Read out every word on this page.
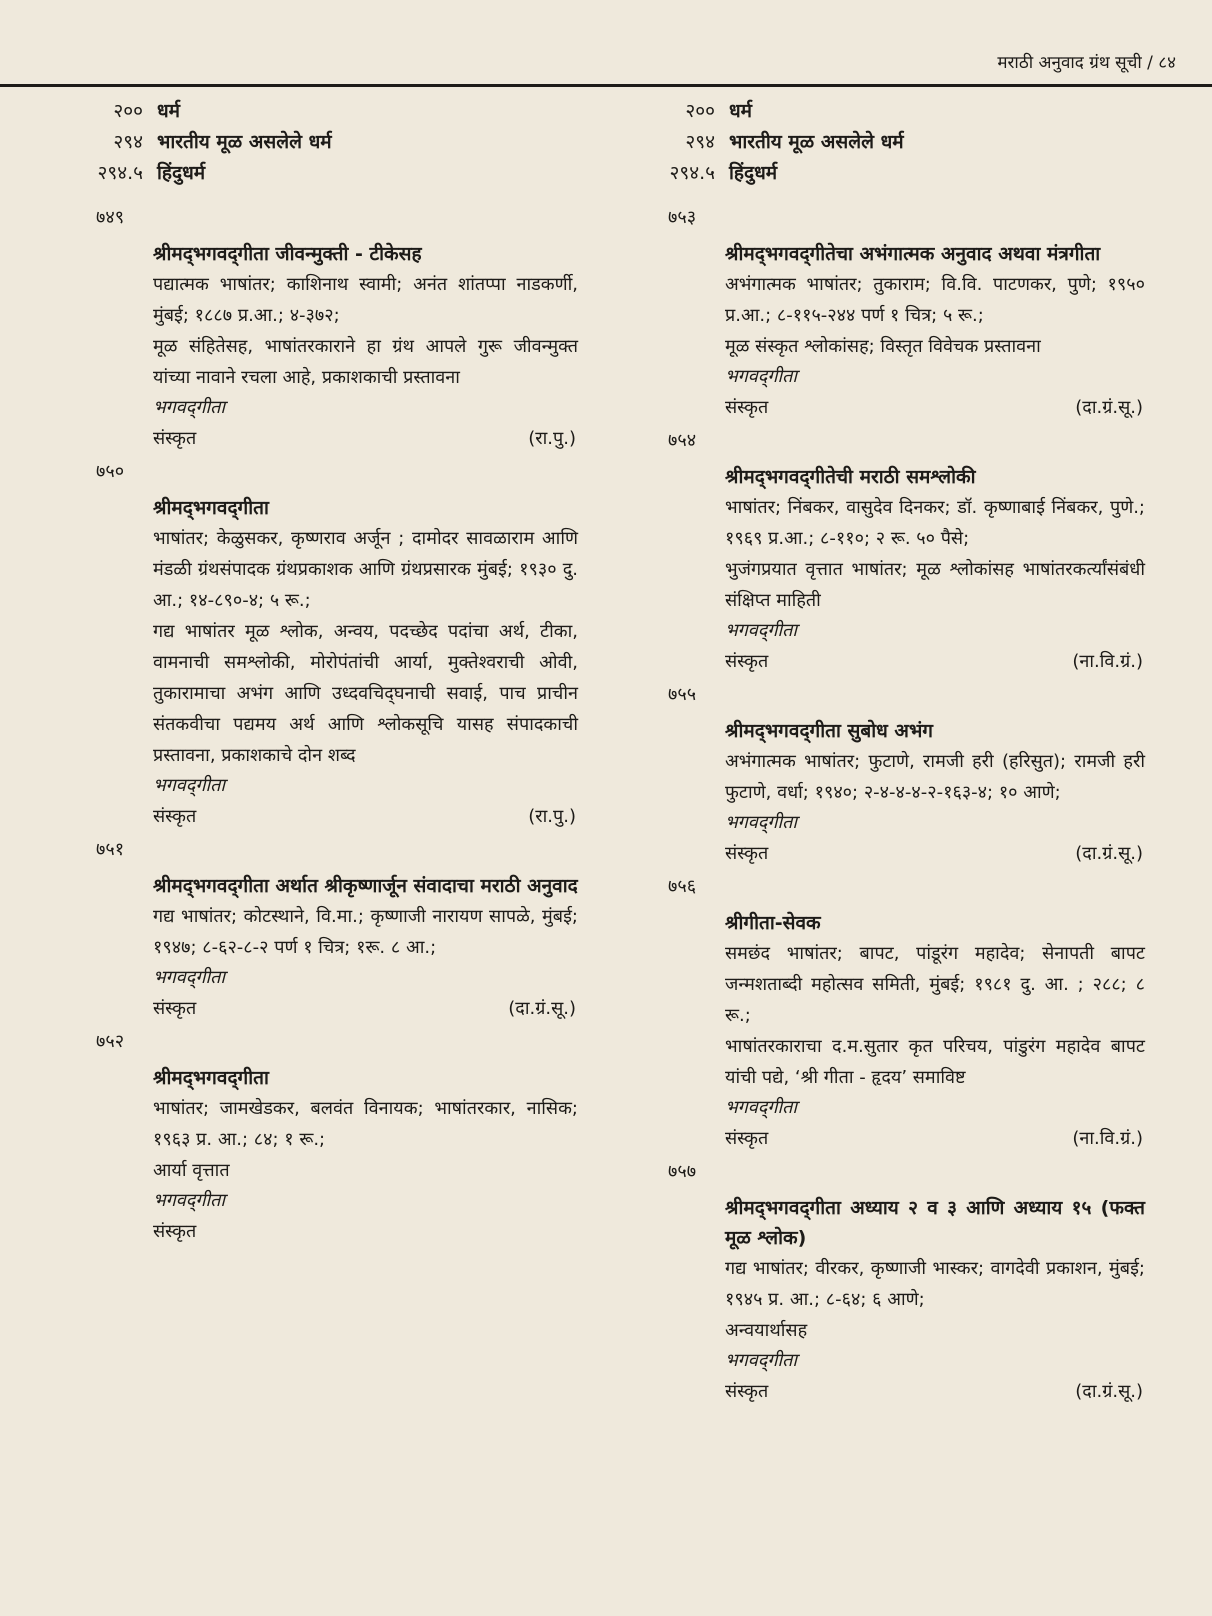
मराठी अनुवाद ग्रंथ सूची / ८४
२०० धर्म
२९४ भारतीय मूळ असलेले धर्म
२९४.५ हिंदुधर्म
७४९
श्रीमद्‌भगवद्‌गीता जीवन्मुक्ती - टीकेसह
पद्यात्मक भाषांतर; काशिनाथ स्वामी; अनंत शांतप्पा नाडकर्णी, मुंबई; १८८७ प्र.आ.; ४-३७२;
मूळ संहितेसह, भाषांतरकाराने हा ग्रंथ आपले गुरू जीवन्मुक्त यांच्या नावाने रचला आहे, प्रकाशकाची प्रस्तावना
भगवद्‌गीता
संस्कृत	(रा.पु.)
७५०
श्रीमद्‌भगवद्‌गीता
भाषांतर; केळुसकर, कृष्णराव अर्जून ; दामोदर सावळाराम आणि मंडळी ग्रंथसंपादक ग्रंथप्रकाशक आणि ग्रंथप्रसारक मुंबई; १९३० दु. आ.; १४-८९०-४; ५ रू.;
गद्य भाषांतर मूळ श्लोक, अन्वय, पदच्छेद पदांचा अर्थ, टीका, वामनाची समश्लोकी, मोरोपंतांची आर्या, मुक्तेश्वराची ओवी, तुकारामाचा अभंग आणि उध्दवचिद्‌घनाची सवाई, पाच प्राचीन संतकवीचा पद्यमय अर्थ आणि श्लोकसूचि यासह संपादकाची प्रस्तावना, प्रकाशकाचे दोन शब्द
भगवद्‌गीता
संस्कृत	(रा.पु.)
७५१
श्रीमद्‌भगवद्‌गीता अर्थात श्रीकृष्णार्जून संवादाचा मराठी अनुवाद
गद्य भाषांतर; कोटस्थाने, वि.मा.; कृष्णाजी नारायण सापळे, मुंबई; १९४७; ८-६२-८-२ पर्ण १ चित्र; १रू. ८ आ.;
भगवद्‌गीता
संस्कृत	(दा.ग्रं.सू.)
७५२
श्रीमद्‌भगवद्‌गीता
भाषांतर; जामखेडकर, बलवंत विनायक; भाषांतरकार, नासिक; १९६३ प्र. आ.; ८४; १ रू.;
आर्या वृत्तात
भगवद्‌गीता
संस्कृत
२०० धर्म
२९४ भारतीय मूळ असलेले धर्म
२९४.५ हिंदुधर्म
७५३
श्रीमद्‌भगवद्‌गीतेचा अभंगात्मक अनुवाद अथवा मंत्रगीता
अभंगात्मक भाषांतर; तुकाराम; वि.वि. पाटणकर, पुणे; १९५० प्र.आ.; ८-११५-२४४ पर्ण १ चित्र; ५ रू.;
मूळ संस्कृत श्लोकांसह; विस्तृत विवेचक प्रस्तावना
भगवद्‌गीता
संस्कृत	(दा.ग्रं.सू.)
७५४
श्रीमद्‌भगवद्‌गीतेची मराठी समश्लोकी
भाषांतर; निंबकर, वासुदेव दिनकर; डॉ. कृष्णाबाई निंबकर, पुणे.; १९६९ प्र.आ.; ८-११०; २ रू. ५० पैसे;
भुजंगप्रयात वृत्तात भाषांतर; मूळ श्लोकांसह भाषांतरकर्त्यांसंबंधी संक्षिप्त माहिती
भगवद्‌गीता
संस्कृत	(ना.वि.ग्रं.)
७५५
श्रीमद्‌भगवद्‌गीता सुबोध अभंग
अभंगात्मक भाषांतर; फुटाणे, रामजी हरी (हरिसुत); रामजी हरी फुटाणे, वर्धा; १९४०; २-४-४-४-२-१६३-४; १० आणे;
भगवद्‌गीता
संस्कृत	(दा.ग्रं.सू.)
७५६
श्रीगीता-सेवक
समछंद भाषांतर; बापट, पांडूरंग महादेव; सेनापती बापट जन्मशताब्दी महोत्सव समिती, मुंबई; १९८१ दु. आ. ; २८८; ८ रू.;
भाषांतरकाराचा द.म.सुतार कृत परिचय, पांडुरंग महादेव बापट यांची पद्ये, ‘श्री गीता - हृदय’ समाविष्ट
भगवद्‌गीता
संस्कृत	(ना.वि.ग्रं.)
७५७
श्रीमद्‌भगवद्‌गीता अध्याय २ व ३ आणि अध्याय १५ (फक्त मूळ श्लोक)
गद्य भाषांतर; वीरकर, कृष्णाजी भास्कर; वागदेवी प्रकाशन, मुंबई; १९४५ प्र. आ.; ८-६४; ६ आणे;
अन्वयार्थासह
भगवद्‌गीता
संस्कृत	(दा.ग्रं.सू.)
